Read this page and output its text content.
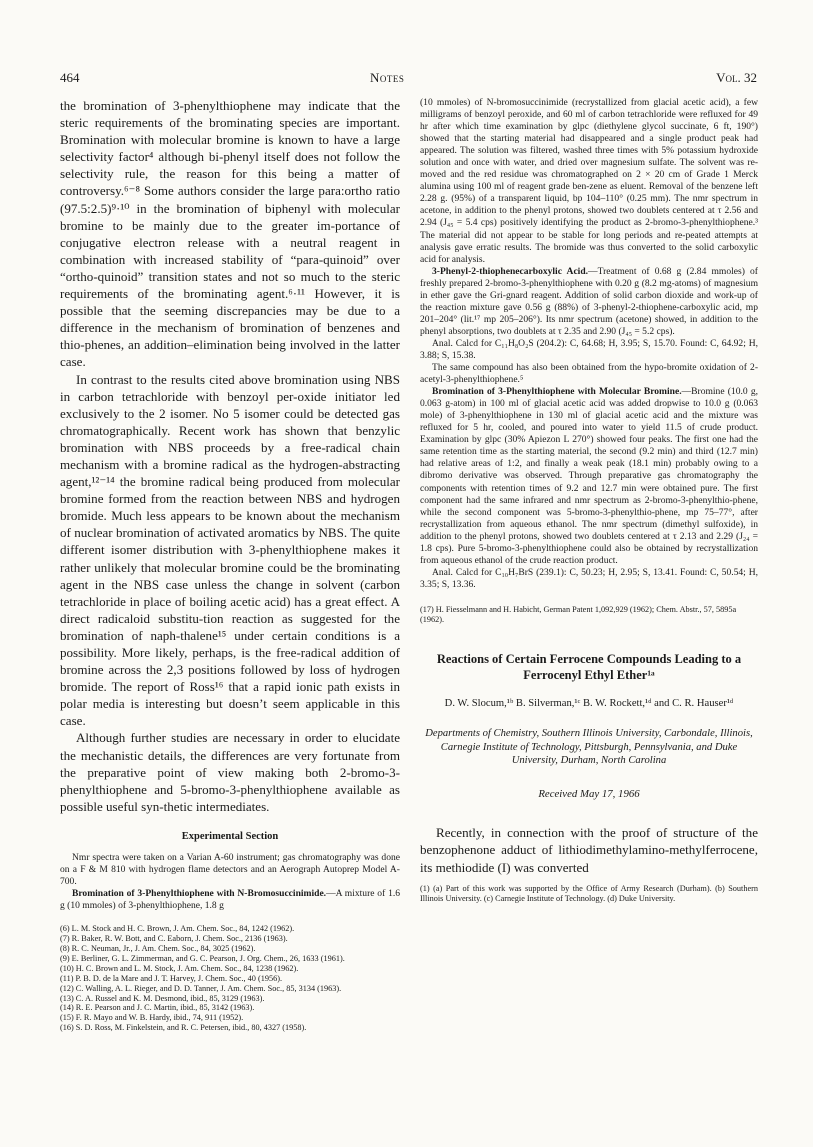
464	Notes	Vol. 32

the bromination of 3-phenylthiophene may indicate that the steric requirements of the brominating species are important. Bromination with molecular bromine is known to have a large selectivity factor⁴ although bi-phenyl itself does not follow the selectivity rule, the reason for this being a matter of controversy.⁶⁻⁸ Some authors consider the large para:ortho ratio (97.5:2.5)⁹·¹⁰ in the bromination of biphenyl with molecular bromine to be mainly due to the greater im-portance of conjugative electron release with a neutral reagent in combination with increased stability of “para-quinoid” over “ortho-quinoid” transition states and not so much to the steric requirements of the brominating agent.⁶·¹¹ However, it is possible that the seeming discrepancies may be due to a difference in the mechanism of bromination of benzenes and thio-phenes, an addition–elimination being involved in the latter case.

In contrast to the results cited above bromination using NBS in carbon tetrachloride with benzoyl per-oxide initiator led exclusively to the 2 isomer. No 5 isomer could be detected gas chromatographically. Recent work has shown that benzylic bromination with NBS proceeds by a free-radical chain mechanism with a bromine radical as the hydrogen-abstracting agent,¹²⁻¹⁴ the bromine radical being produced from molecular bromine formed from the reaction between NBS and hydrogen bromide. Much less appears to be known about the mechanism of nuclear bromination of activated aromatics by NBS. The quite different isomer distribution with 3-phenylthiophene makes it rather unlikely that molecular bromine could be the brominating agent in the NBS case unless the change in solvent (carbon tetrachloride in place of boiling acetic acid) has a great effect. A direct radicaloid substitu-tion reaction as suggested for the bromination of naph-thalene¹⁵ under certain conditions is a possibility. More likely, perhaps, is the free-radical addition of bromine across the 2,3 positions followed by loss of hydrogen bromide. The report of Ross¹⁶ that a rapid ionic path exists in polar media is interesting but doesn’t seem applicable in this case.

Although further studies are necessary in order to elucidate the mechanistic details, the differences are very fortunate from the preparative point of view making both 2-bromo-3-phenylthiophene and 5-bromo-3-phenylthiophene available as possible useful syn-thetic intermediates.

Experimental Section

Nmr spectra were taken on a Varian A-60 instrument; gas chromatography was done on a F & M 810 with hydrogen flame detectors and an Aerograph Autoprep Model A-700.

Bromination of 3-Phenylthiophene with N-Bromosuccinimide.—A mixture of 1.6 g (10 mmoles) of 3-phenylthiophene, 1.8 g

(6) L. M. Stock and H. C. Brown, J. Am. Chem. Soc., 84, 1242 (1962).
(7) R. Baker, R. W. Bott, and C. Eaborn, J. Chem. Soc., 2136 (1963).
(8) R. C. Neuman, Jr., J. Am. Chem. Soc., 84, 3025 (1962).
(9) E. Berliner, G. L. Zimmerman, and G. C. Pearson, J. Org. Chem., 26, 1633 (1961).
(10) H. C. Brown and L. M. Stock, J. Am. Chem. Soc., 84, 1238 (1962).
(11) P. B. D. de la Mare and J. T. Harvey, J. Chem. Soc., 40 (1956).
(12) C. Walling, A. L. Rieger, and D. D. Tanner, J. Am. Chem. Soc., 85, 3134 (1963).
(13) C. A. Russel and K. M. Desmond, ibid., 85, 3129 (1963).
(14) R. E. Pearson and J. C. Martin, ibid., 85, 3142 (1963).
(15) F. R. Mayo and W. B. Hardy, ibid., 74, 911 (1952).
(16) S. D. Ross, M. Finkelstein, and R. C. Petersen, ibid., 80, 4327 (1958).

(10 mmoles) of N-bromosuccinimide (recrystallized from glacial acetic acid), a few milligrams of benzoyl peroxide, and 60 ml of carbon tetrachloride were refluxed for 49 hr after which time examination by glpc (diethylene glycol succinate, 6 ft, 190°) showed that the starting material had disappeared and a single product peak had appeared. The solution was filtered, washed three times with 5% potassium hydroxide solution and once with water, and dried over magnesium sulfate. The solvent was re-moved and the red residue was chromatographed on 2 × 20 cm of Grade 1 Merck alumina using 100 ml of reagent grade ben-zene as eluent. Removal of the benzene left 2.28 g. (95%) of a transparent liquid, bp 104–110° (0.25 mm). The nmr spectrum in acetone, in addition to the phenyl protons, showed two doublets centered at τ 2.56 and 2.94 (J₄₅ = 5.4 cps) positively identifying the product as 2-bromo-3-phenylthiophene.³ The material did not appear to be stable for long periods and re-peated attempts at analysis gave erratic results. The bromide was thus converted to the solid carboxylic acid for analysis.

3-Phenyl-2-thiophenecarboxylic Acid.—Treatment of 0.68 g (2.84 mmoles) of freshly prepared 2-bromo-3-phenylthiophene with 0.20 g (8.2 mg-atoms) of magnesium in ether gave the Gri-gnard reagent. Addition of solid carbon dioxide and work-up of the reaction mixture gave 0.56 g (88%) of 3-phenyl-2-thiophene-carboxylic acid, mp 201–204° (lit.¹⁷ mp 205–206°). Its nmr spectrum (acetone) showed, in addition to the phenyl absorptions, two doublets at τ 2.35 and 2.90 (J₄₅ = 5.2 cps).

Anal. Calcd for C₁₁H₈O₂S (204.2): C, 64.68; H, 3.95; S, 15.70. Found: C, 64.92; H, 3.88; S, 15.38.

The same compound has also been obtained from the hypo-bromite oxidation of 2-acetyl-3-phenylthiophene.⁵

Bromination of 3-Phenylthiophene with Molecular Bromine.—Bromine (10.0 g, 0.063 g-atom) in 100 ml of glacial acetic acid was added dropwise to 10.0 g (0.063 mole) of 3-phenylthiophene in 130 ml of glacial acetic acid and the mixture was refluxed for 5 hr, cooled, and poured into water to yield 11.5 of crude product. Examination by glpc (30% Apiezon L 270°) showed four peaks. The first one had the same retention time as the starting material, the second (9.2 min) and third (12.7 min) had relative areas of 1:2, and finally a weak peak (18.1 min) probably owing to a dibromo derivative was observed. Through preparative gas chromatography the components with retention times of 9.2 and 12.7 min were obtained pure. The first component had the same infrared and nmr spectrum as 2-bromo-3-phenylthio-phene, while the second component was 5-bromo-3-phenylthio-phene, mp 75–77°, after recrystallization from aqueous ethanol. The nmr spectrum (dimethyl sulfoxide), in addition to the phenyl protons, showed two doublets centered at τ 2.13 and 2.29 (J₂₄ = 1.8 cps). Pure 5-bromo-3-phenylthiophene could also be obtained by recrystallization from aqueous ethanol of the crude reaction product.

Anal. Calcd for C₁₀H₇BrS (239.1): C, 50.23; H, 2.95; S, 13.41. Found: C, 50.54; H, 3.35; S, 13.36.

(17) H. Fiesselmann and H. Habicht, German Patent 1,092,929 (1962); Chem. Abstr., 57, 5895a (1962).

Reactions of Certain Ferrocene Compounds Leading to a Ferrocenyl Ethyl Ether¹ᵃ
D. W. Slocum,¹ᵇ B. Silverman,¹ᶜ B. W. Rockett,¹ᵈ and C. R. Hauser¹ᵈ
Departments of Chemistry, Southern Illinois University, Carbondale, Illinois, Carnegie Institute of Technology, Pittsburgh, Pennsylvania, and Duke University, Durham, North Carolina
Received May 17, 1966

Recently, in connection with the proof of structure of the benzophenone adduct of lithiodimethylamino-methylferrocene, its methiodide (I) was converted

(1) (a) Part of this work was supported by the Office of Army Research (Durham). (b) Southern Illinois University. (c) Carnegie Institute of Technology. (d) Duke University.
